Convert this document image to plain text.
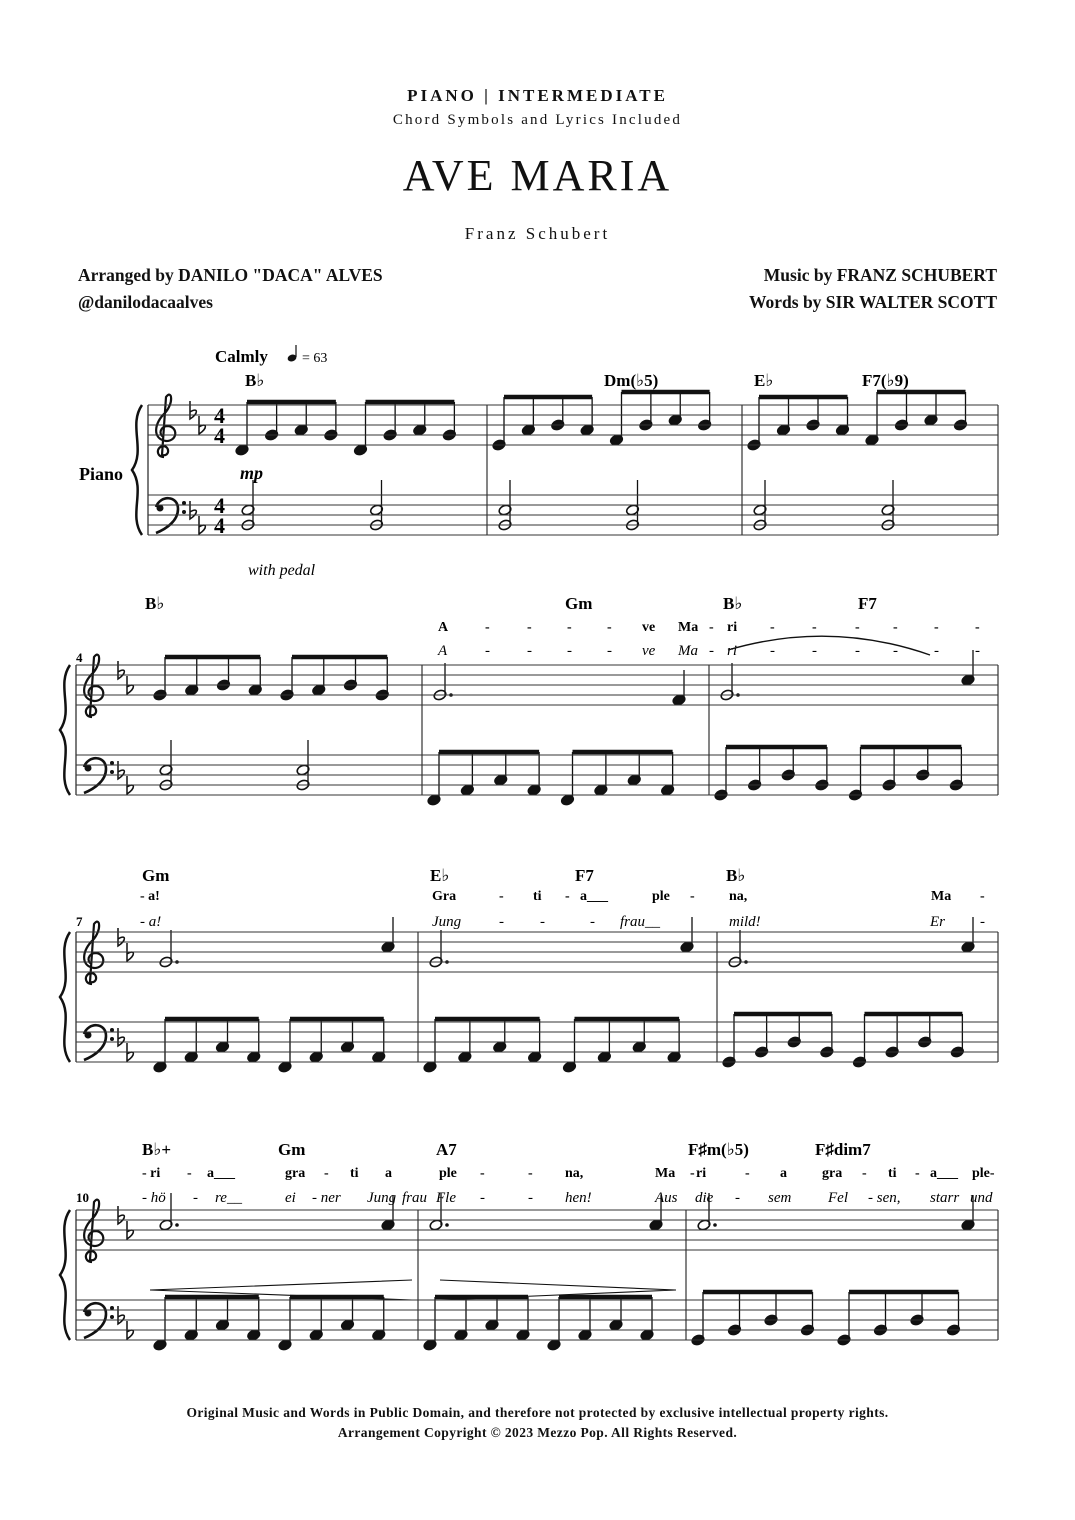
PIANO | INTERMEDIATE
Chord Symbols and Lyrics Included
AVE MARIA
Franz Schubert
Arranged by DANILO "DACA" ALVES
@danilodacaalves
Music by FRANZ SCHUBERT
Words by SIR WALTER SCOTT
Calmly = 63
Piano	mp
with pedal
B♭	Dm(♭5)	E♭	F7(♭9)
4
B♭	Gm	B♭	F7
A	-	-	-	- ve Ma - ri -	-	- -	-	-
A	- - - - ve Ma - ri - -	- - - -
7
Gm	E♭	F7	B♭
- a!	Gra	- ti - a___	ple - na,	Ma -
- a!	Jung	- -	- frau__	mild!	Er -
10
B♭+	Gm	A7	F♯m(♭5)	F♯dim7
- ri - a___	gra - ti a	ple -	- na,	Ma - ri	- a	gra - ti - a___ ple-
- hö - re__	ei - ner Jung frau Fle -	- hen!	Aus die - sem Fel - sen, starr und
4
4
4
4
Original Music and Words in Public Domain, and therefore not protected by exclusive intellectual property rights.
Arrangement Copyright © 2023 Mezzo Pop. All Rights Reserved.
